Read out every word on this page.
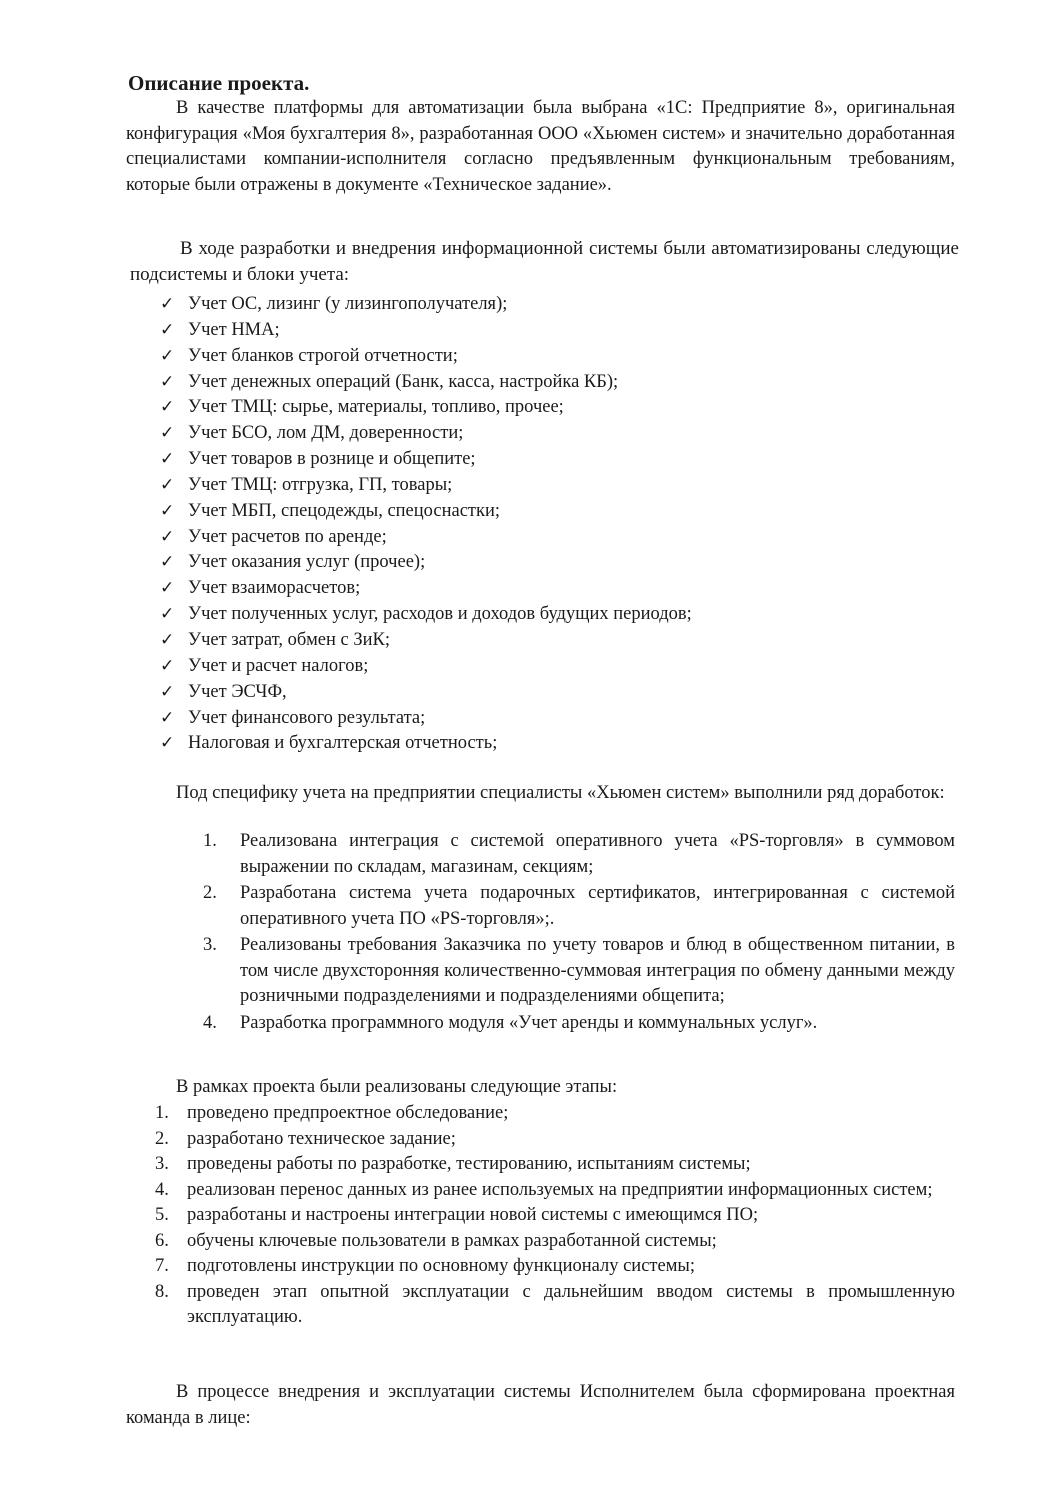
Описание проекта.

В качестве платформы для автоматизации была выбрана «1С: Предприятие 8», оригинальная конфигурация «Моя бухгалтерия 8», разработанная ООО «Хьюмен систем» и значительно доработанная специалистами компании-исполнителя согласно предъявленным функциональным требованиям, которые были отражены в документе «Техническое задание».

В ходе разработки и внедрения информационной системы были автоматизированы следующие подсистемы и блоки учета:

✓ Учет ОС, лизинг (у лизингополучателя);
✓ Учет НМА;
✓ Учет бланков строгой отчетности;
✓ Учет денежных операций (Банк, касса, настройка КБ);
✓ Учет ТМЦ: сырье, материалы, топливо, прочее;
✓ Учет БСО, лом ДМ, доверенности;
✓ Учет товаров в рознице и общепите;
✓ Учет ТМЦ: отгрузка, ГП, товары;
✓ Учет МБП, спецодежды, спецоснастки;
✓ Учет расчетов по аренде;
✓ Учет оказания услуг (прочее);
✓ Учет взаиморасчетов;
✓ Учет полученных услуг, расходов и доходов будущих периодов;
✓ Учет затрат, обмен с ЗиК;
✓ Учет и расчет налогов;
✓ Учет ЭСЧФ,
✓ Учет финансового результата;
✓ Налоговая и бухгалтерская отчетность;

Под специфику учета на предприятии специалисты «Хьюмен систем» выполнили ряд доработок:

1. Реализована интеграция с системой оперативного учета «PS-торговля» в суммовом выражении по складам, магазинам, секциям;
2. Разработана система учета подарочных сертификатов, интегрированная с системой оперативного учета ПО «PS-торговля»;.
3. Реализованы требования Заказчика по учету товаров и блюд в общественном питании, в том числе двухсторонняя количественно-суммовая интеграция по обмену данными между розничными подразделениями и подразделениями общепита;
4. Разработка программного модуля «Учет аренды и коммунальных услуг».

В рамках проекта были реализованы следующие этапы:

1. проведено предпроектное обследование;
2. разработано техническое задание;
3. проведены работы по разработке, тестированию, испытаниям системы;
4. реализован перенос данных из ранее используемых на предприятии информационных систем;
5. разработаны и настроены интеграции новой системы с имеющимся ПО;
6. обучены ключевые пользователи в рамках разработанной системы;
7. подготовлены инструкции по основному функционалу системы;
8. проведен этап опытной эксплуатации с дальнейшим вводом системы в промышленную эксплуатацию.

В процессе внедрения и эксплуатации системы Исполнителем была сформирована проектная команда в лице:
